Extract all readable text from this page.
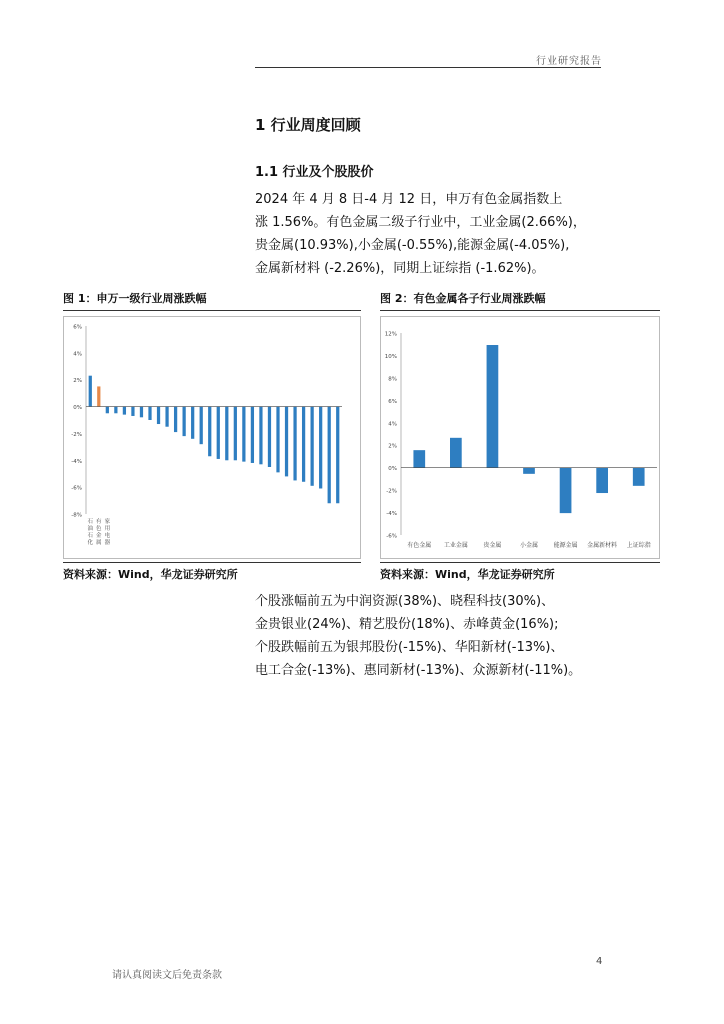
行业研究报告
1 行业周度回顾
1.1 行业及个股股价
2024 年 4 月 8 日-4 月 12 日，申万有色金属指数上
涨 1.56%。有色金属二级子行业中，工业金属(2.66%)，
贵金属(10.93%),小金属(-0.55%),能源金属(-4.05%),
金属新材料 (-2.26%)，同期上证综指 (-1.62%)。
图 1：申万一级行业周涨跌幅	图 2：有色金属各子行业周涨跌幅
6%
4%
2%
0%
-2%
-4%
-6%
-8%
石
油
石
化
有
色
金
属
家
用
电
器
12%
10%
8%
6%
4%
2%
0%
-2%
-4%
-6%
有色金属 工业金属	贵金属	小金属	能源金属 金属新材料 上证综指
资料来源：Wind，华龙证券研究所	资料来源：Wind，华龙证券研究所
个股涨幅前五为中润资源(38%)、晓程科技(30%)、
金贵银业(24%)、精艺股份(18%)、赤峰黄金(16%);
个股跌幅前五为银邦股份(-15%)、华阳新材(-13%)、
电工合金(-13%)、惠同新材(-13%)、众源新材(-11%)。
4
请认真阅读文后免责条款
